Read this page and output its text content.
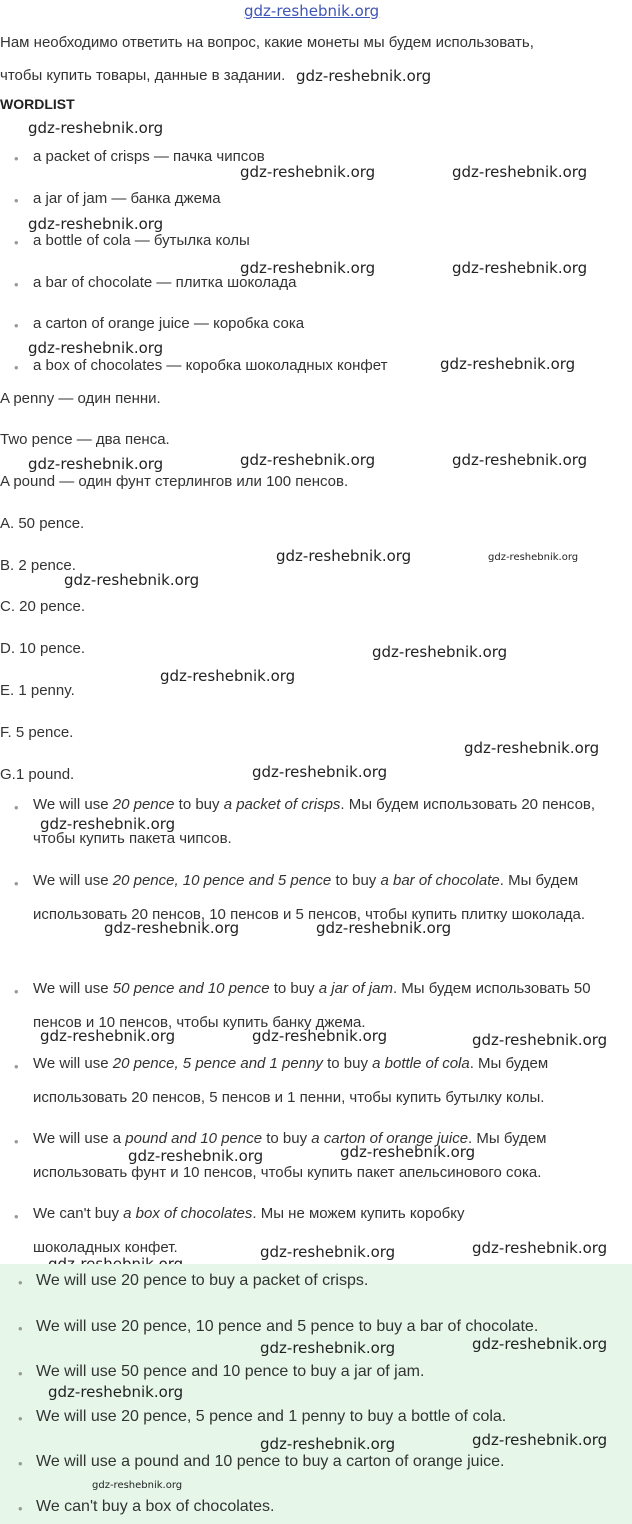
gdz-reshebnik.org
Нам необходимо ответить на вопрос, какие монеты мы будем использовать,
чтобы купить товары, данные в задании. gdz-reshebnik.org
WORDLIST
gdz-reshebnik.org
• a packet of crisps — пачка чипсов
gdz-reshebnik.org	gdz-reshebnik.org
• a jar of jam — банка джема
gdz-reshebnik.org
• a bottle of cola — бутылка колы
gdz-reshebnik.org	gdz-reshebnik.org
• a bar of chocolate — плитка шоколада
• a carton of orange juice — коробка сока
gdz-reshebnik.org
• a box of chocolates — коробка шоколадных конфет	gdz-reshebnik.org
A penny — один пенни.
Two pence — два пенса.
gdz-reshebnik.org	gdz-reshebnik.org	gdz-reshebnik.org
A pound — один фунт стерлингов или 100 пенсов.
A. 50 pence.
B. 2 pence.
gdz-reshebnik.org	gdz-reshebnik.org
gdz-reshebnik.org
C. 20 pence.
D. 10 pence.	gdz-reshebnik.org
gdz-reshebnik.org
E. 1 penny.
F. 5 pence.
gdz-reshebnik.org
G.1 pound.	gdz-reshebnik.org
• We will use 20 pence to buy a packet of crisps. Мы будем использовать 20 пенсов, чтобы купить пакета чипсов.
gdz-reshebnik.org
• We will use 20 pence, 10 pence and 5 pence to buy a bar of chocolate. Мы будем использовать 20 пенсов, 10 пенсов и 5 пенсов, чтобы купить плитку шоколада.
gdz-reshebnik.org	gdz-reshebnik.org
• We will use 50 pence and 10 pence to buy a jar of jam. Мы будем использовать 50 пенсов и 10 пенсов, чтобы купить банку джема.
gdz-reshebnik.org	gdz-reshebnik.org	gdz-reshebnik.org
• We will use 20 pence, 5 pence and 1 penny to buy a bottle of cola. Мы будем использовать 20 пенсов, 5 пенсов и 1 пенни, чтобы купить бутылку колы.
• We will use a pound and 10 pence to buy a carton of orange juice. Мы будем использовать фунт и 10 пенсов, чтобы купить пакет апельсинового сока.
gdz-reshebnik.org	gdz-reshebnik.org
• We can't buy a box of chocolates. Мы не можем купить коробку шоколадных конфет.	gdz-reshebnik.org	gdz-reshebnik.org
• We will use 20 pence to buy a packet of crisps.
• We will use 20 pence, 10 pence and 5 pence to buy a bar of chocolate.
gdz-reshebnik.org	gdz-reshebnik.org
• We will use 50 pence and 10 pence to buy a jar of jam.
gdz-reshebnik.org
• We will use 20 pence, 5 pence and 1 penny to buy a bottle of cola.
gdz-reshebnik.org	gdz-reshebnik.org
• We will use a pound and 10 pence to buy a carton of orange juice.
gdz-reshebnik.org
• We can't buy a box of chocolates.
